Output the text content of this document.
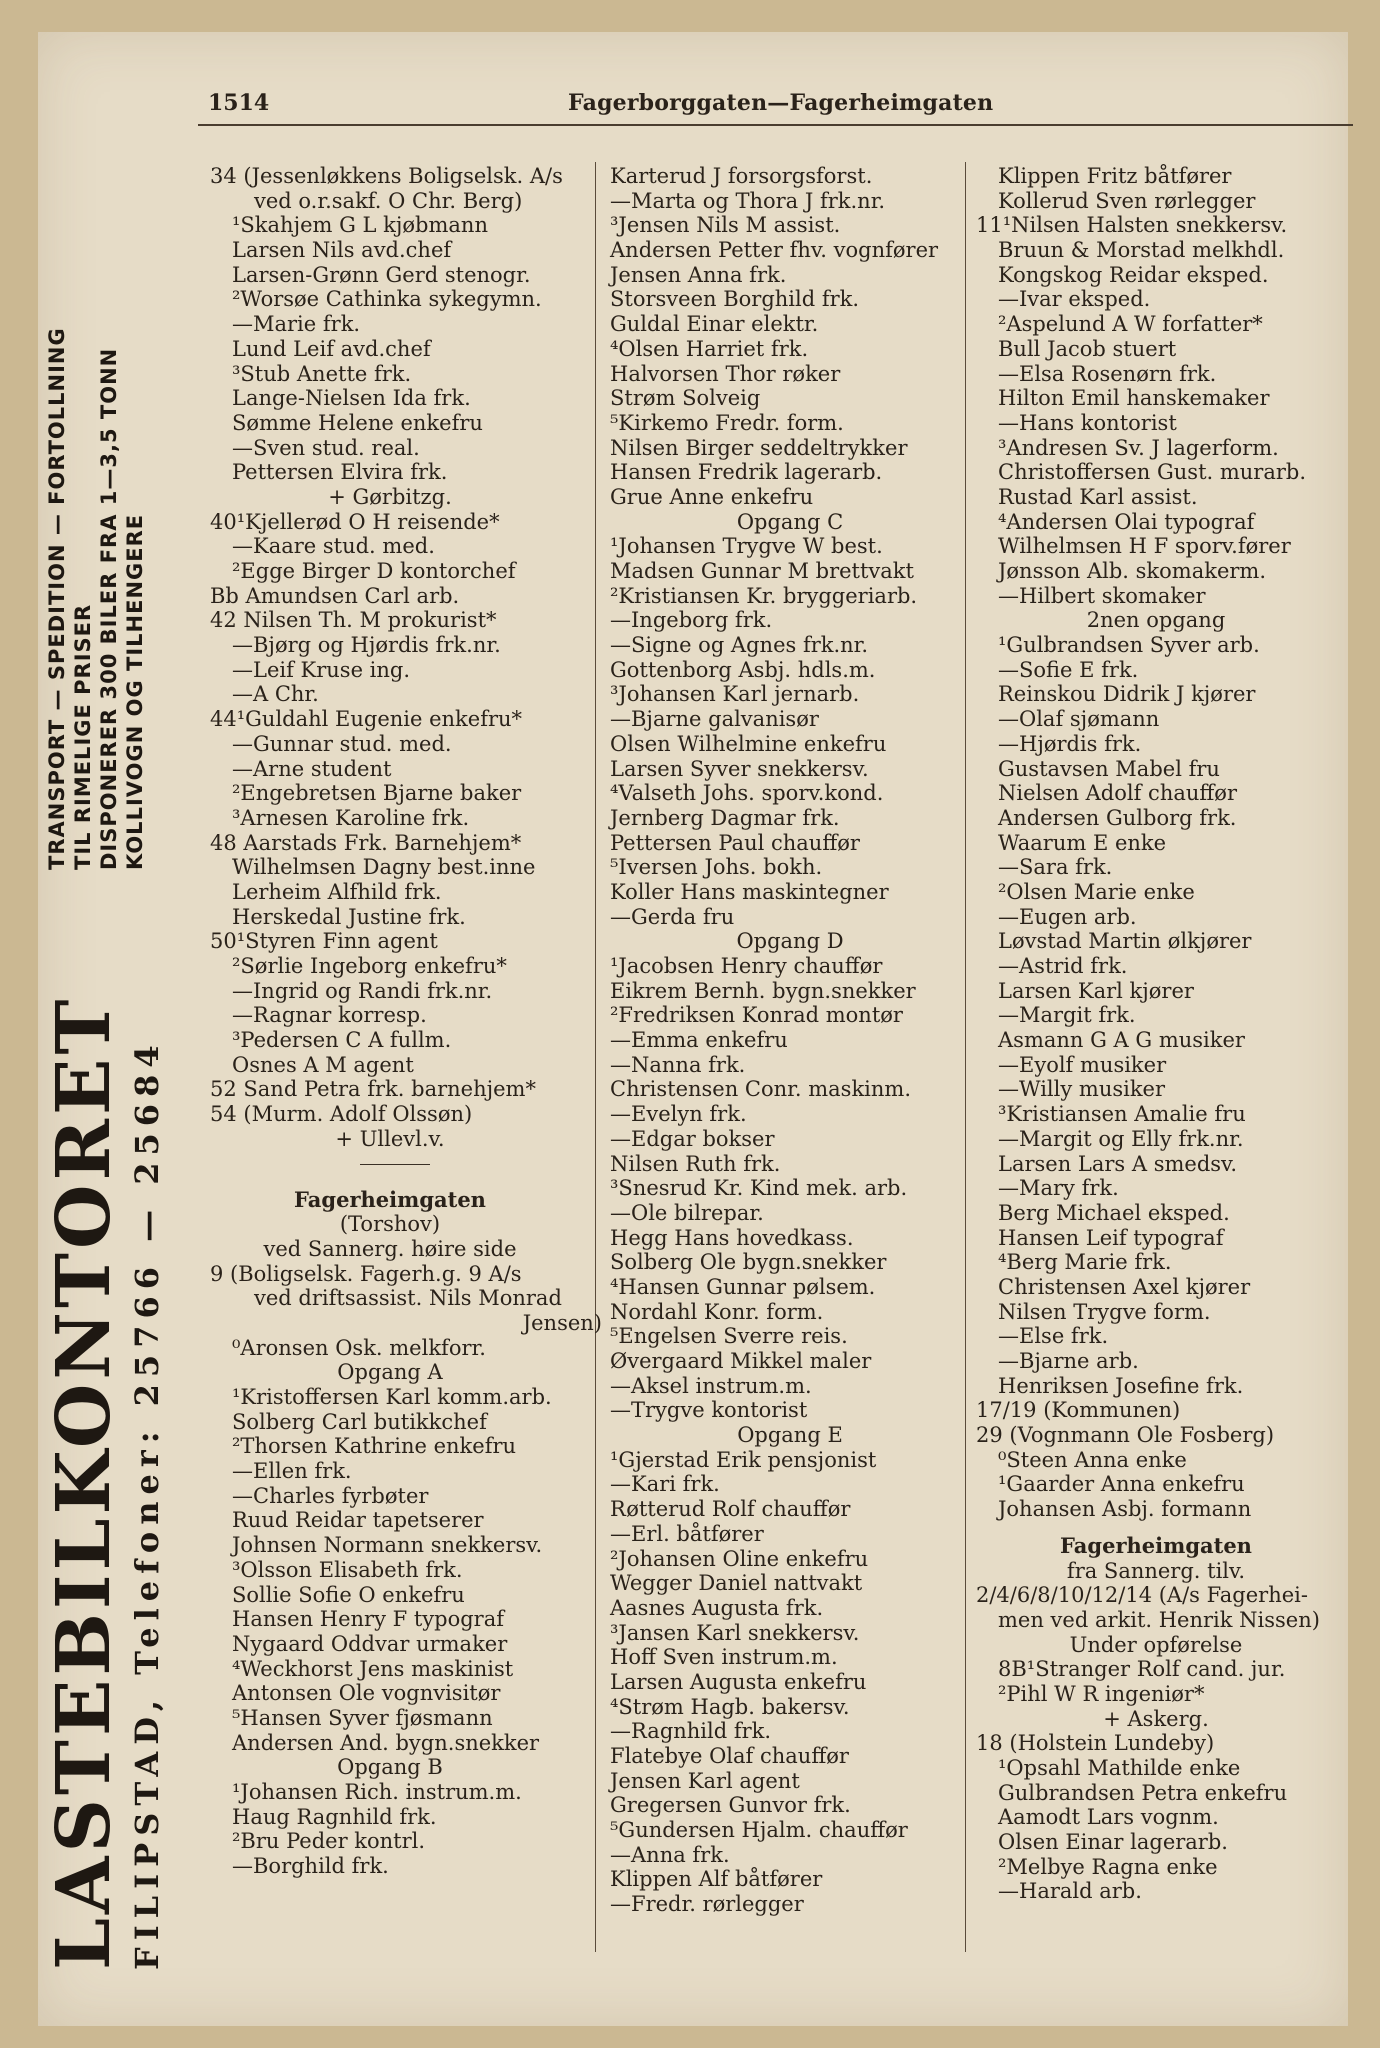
1514	Fagerborggaten—Fagerheimgaten
34 (Jessenløkkens Boligselsk. A/s
ved o.r.sakf. O Chr. Berg)
¹Skahjem G L kjøbmann
Larsen Nils avd.chef
Larsen-Grønn Gerd stenogr.
²Worsøe Cathinka sykegymn.
—Marie frk.
Lund Leif avd.chef
³Stub Anette frk.
Lange-Nielsen Ida frk.
Sømme Helene enkefru
—Sven stud. real.
Pettersen Elvira frk.
+ Gørbitzg.
40¹Kjellerød O H reisende*
—Kaare stud. med.
²Egge Birger D kontorchef
Bb Amundsen Carl arb.
42 Nilsen Th. M prokurist*
—Bjørg og Hjørdis frk.nr.
—Leif Kruse ing.
—A Chr.
44¹Guldahl Eugenie enkefru*
—Gunnar stud. med.
—Arne student
²Engebretsen Bjarne baker
³Arnesen Karoline frk.
48 Aarstads Frk. Barnehjem*
Wilhelmsen Dagny best.inne
Lerheim Alfhild frk.
Herskedal Justine frk.
50¹Styren Finn agent
²Sørlie Ingeborg enkefru*
—Ingrid og Randi frk.nr.
—Ragnar korresp.
³Pedersen C A fullm.
Osnes A M agent
52 Sand Petra frk. barnehjem*
54 (Murm. Adolf Olssøn)
+ Ullevl.v.
Fagerheimgaten
(Torshov)
ved Sannerg. høire side
9 (Boligselsk. Fagerh.g. 9 A/s
ved driftsassist. Nils Monrad
Jensen)
⁰Aronsen Osk. melkforr.
Opgang A
¹Kristoffersen Karl komm.arb.
Solberg Carl butikkchef
²Thorsen Kathrine enkefru
—Ellen frk.
—Charles fyrbøter
Ruud Reidar tapetserer
Johnsen Normann snekkersv.
³Olsson Elisabeth frk.
Sollie Sofie O enkefru
Hansen Henry F typograf
Nygaard Oddvar urmaker
⁴Weckhorst Jens maskinist
Antonsen Ole vognvisitør
⁵Hansen Syver fjøsmann
Andersen And. bygn.snekker
Opgang B
¹Johansen Rich. instrum.m.
Haug Ragnhild frk.
²Bru Peder kontrl.
—Borghild frk.
Karterud J forsorgsforst.
—Marta og Thora J frk.nr.
³Jensen Nils M assist.
Andersen Petter fhv. vognfører
Jensen Anna frk.
Storsveen Borghild frk.
Guldal Einar elektr.
⁴Olsen Harriet frk.
Halvorsen Thor røker
Strøm Solveig
⁵Kirkemo Fredr. form.
Nilsen Birger seddeltrykker
Hansen Fredrik lagerarb.
Grue Anne enkefru
Opgang C
¹Johansen Trygve W best.
Madsen Gunnar M brettvakt
²Kristiansen Kr. bryggeriarb.
—Ingeborg frk.
—Signe og Agnes frk.nr.
Gottenborg Asbj. hdls.m.
³Johansen Karl jernarb.
—Bjarne galvanisør
Olsen Wilhelmine enkefru
Larsen Syver snekkersv.
⁴Valseth Johs. sporv.kond.
Jernberg Dagmar frk.
Pettersen Paul chauffør
⁵Iversen Johs. bokh.
Koller Hans maskintegner
—Gerda fru
Opgang D
¹Jacobsen Henry chauffør
Eikrem Bernh. bygn.snekker
²Fredriksen Konrad montør
—Emma enkefru
—Nanna frk.
Christensen Conr. maskinm.
—Evelyn frk.
—Edgar bokser
Nilsen Ruth frk.
³Snesrud Kr. Kind mek. arb.
—Ole bilrepar.
Hegg Hans hovedkass.
Solberg Ole bygn.snekker
⁴Hansen Gunnar pølsem.
Nordahl Konr. form.
⁵Engelsen Sverre reis.
Øvergaard Mikkel maler
—Aksel instrum.m.
—Trygve kontorist
Opgang E
¹Gjerstad Erik pensjonist
—Kari frk.
Røtterud Rolf chauffør
—Erl. båtfører
²Johansen Oline enkefru
Wegger Daniel nattvakt
Aasnes Augusta frk.
³Jansen Karl snekkersv.
Hoff Sven instrum.m.
Larsen Augusta enkefru
⁴Strøm Hagb. bakersv.
—Ragnhild frk.
Flatebye Olaf chauffør
Jensen Karl agent
Gregersen Gunvor frk.
⁵Gundersen Hjalm. chauffør
—Anna frk.
Klippen Alf båtfører
—Fredr. rørlegger
Klippen Fritz båtfører
Kollerud Sven rørlegger
11¹Nilsen Halsten snekkersv.
Bruun & Morstad melkhdl.
Kongskog Reidar eksped.
—Ivar eksped.
²Aspelund A W forfatter*
Bull Jacob stuert
—Elsa Rosenørn frk.
Hilton Emil hanskemaker
—Hans kontorist
³Andresen Sv. J lagerform.
Christoffersen Gust. murarb.
Rustad Karl assist.
⁴Andersen Olai typograf
Wilhelmsen H F sporv.fører
Jønsson Alb. skomakerm.
—Hilbert skomaker
2nen opgang
¹Gulbrandsen Syver arb.
—Sofie E frk.
Reinskou Didrik J kjører
—Olaf sjømann
—Hjørdis frk.
Gustavsen Mabel fru
Nielsen Adolf chauffør
Andersen Gulborg frk.
Waarum E enke
—Sara frk.
²Olsen Marie enke
—Eugen arb.
Løvstad Martin ølkjører
—Astrid frk.
Larsen Karl kjører
—Margit frk.
Asmann G A G musiker
—Eyolf musiker
—Willy musiker
³Kristiansen Amalie fru
—Margit og Elly frk.nr.
Larsen Lars A smedsv.
—Mary frk.
Berg Michael eksped.
Hansen Leif typograf
⁴Berg Marie frk.
Christensen Axel kjører
Nilsen Trygve form.
—Else frk.
—Bjarne arb.
Henriksen Josefine frk.
17/19 (Kommunen)
29 (Vognmann Ole Fosberg)
⁰Steen Anna enke
¹Gaarder Anna enkefru
Johansen Asbj. formann
Fagerheimgaten
fra Sannerg. tilv.
2/4/6/8/10/12/14 (A/s Fagerhei-
men ved arkit. Henrik Nissen)
Under opførelse
8B¹Stranger Rolf cand. jur.
²Pihl W R ingeniør*
+ Askerg.
18 (Holstein Lundeby)
¹Opsahl Mathilde enke
Gulbrandsen Petra enkefru
Aamodt Lars vognm.
Olsen Einar lagerarb.
²Melbye Ragna enke
—Harald arb.
LASTEBILKONTORET FILIPSTAD, Telefoner: 25766 — 25684
TRANSPORT — SPEDITION — FORTOLLNING TIL RIMELIGE PRISER DISPONERER 300 BILER FRA 1—3,5 TONN KOLLIVOGN OG TILHENGERE
